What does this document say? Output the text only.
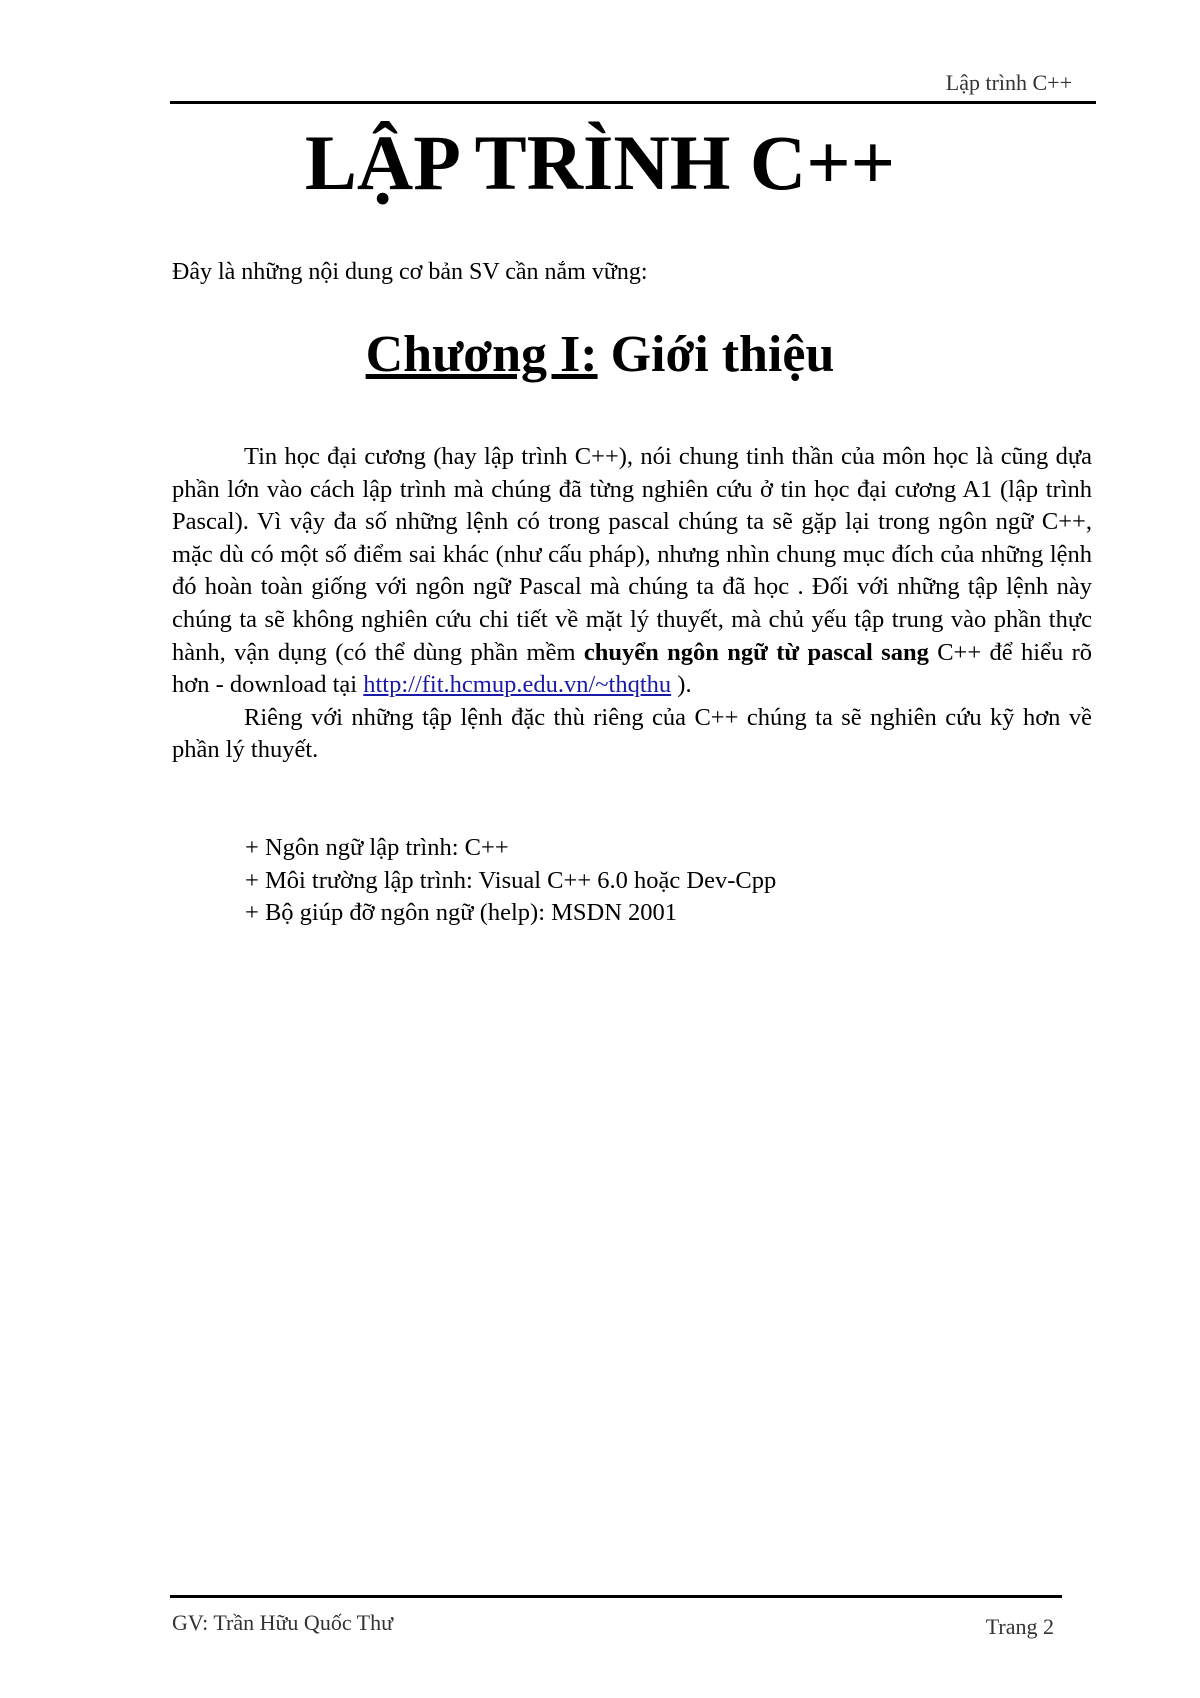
Lập trình C++
LẬP TRÌNH C++
Đây là những nội dung cơ bản SV cần nắm vững:
Chương I: Giới thiệu

Tin học đại cương (hay lập trình C++), nói chung tinh thần của môn học là cũng dựa phần lớn vào cách lập trình mà chúng đã từng nghiên cứu ở tin học đại cương A1 (lập trình Pascal). Vì vậy đa số những lệnh có trong pascal chúng ta sẽ gặp lại trong ngôn ngữ C++, mặc dù có một số điểm sai khác (như cấu pháp), nhưng nhìn chung mục đích của những lệnh đó hoàn toàn giống với ngôn ngữ Pascal mà chúng ta đã học . Đối với những tập lệnh này chúng ta sẽ không nghiên cứu chi tiết về mặt lý thuyết, mà chủ yếu tập trung vào phần thực hành, vận dụng (có thể dùng phần mềm chuyển ngôn ngữ từ pascal sang C++ để hiểu rõ hơn - download tại http://fit.hcmup.edu.vn/~thqthu ).

Riêng với những tập lệnh đặc thù riêng của C++ chúng ta sẽ nghiên cứu kỹ hơn về phần lý thuyết.

+ Ngôn ngữ lập trình: C++
+ Môi trường lập trình: Visual C++ 6.0 hoặc Dev-Cpp
+ Bộ giúp đỡ ngôn ngữ (help): MSDN 2001
GV: Trần Hữu Quốc Thư	Trang 2
